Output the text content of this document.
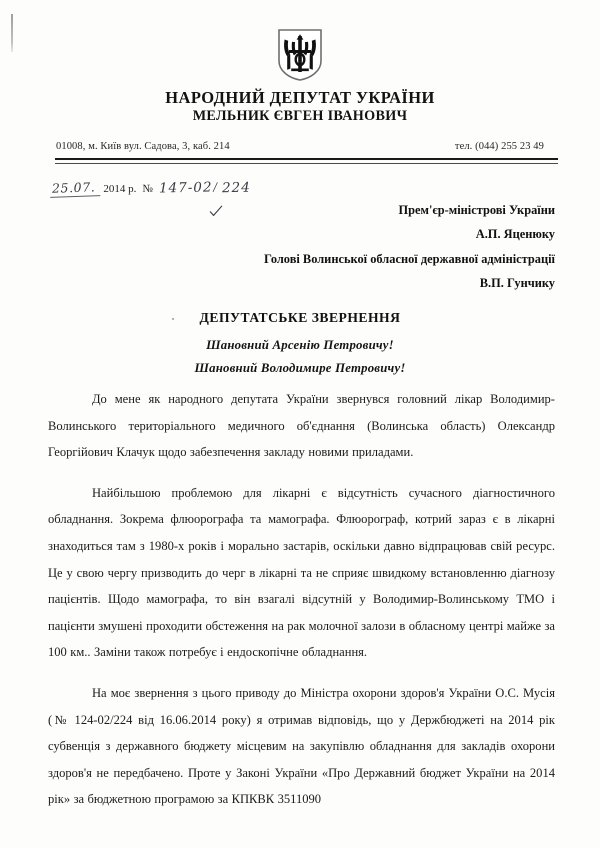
НАРОДНИЙ ДЕПУТАТ УКРАЇНИ
МЕЛЬНИК ЄВГЕН ІВАНОВИЧ
01008, м. Київ вул. Садова, 3, каб. 214	тел. (044) 255 23 49
25.07. 2014 р. № 147-02 / 224
Прем'єр-міністрові України
А.П. Яценюку
Голові Волинської обласної державної адміністрації
В.П. Гунчику
ДЕПУТАТСЬКЕ ЗВЕРНЕННЯ
Шановний Арсенію Петровичу!
Шановний Володимире Петровичу!

До мене як народного депутата України звернувся головний лікар Володимир-Волинського територіального медичного об'єднання (Волинська область) Олександр Георгійович Клачук щодо забезпечення закладу новими приладами.

Найбільшою проблемою для лікарні є відсутність сучасного діагностичного обладнання. Зокрема флюорографа та мамографа. Флюорограф, котрий зараз є в лікарні знаходиться там з 1980-х років і морально застарів, оскільки давно відпрацював свій ресурс. Це у свою чергу призводить до черг в лікарні та не сприяє швидкому встановленню діагнозу пацієнтів. Щодо мамографа, то він взагалі відсутній у Володимир-Волинському ТМО і пацієнти змушені проходити обстеження на рак молочної залози в обласному центрі майже за 100 км.. Заміни також потребує і ендоскопічне обладнання.

На моє звернення з цього приводу до Міністра охорони здоров'я України О.С. Мусія (№ 124-02/224 від 16.06.2014 року) я отримав відповідь, що у Держбюджеті на 2014 рік субвенція з державного бюджету місцевим на закупівлю обладнання для закладів охорони здоров'я не передбачено. Проте у Законі України «Про Державний бюджет України на 2014 рік» за бюджетною програмою за КПКВК 3511090
